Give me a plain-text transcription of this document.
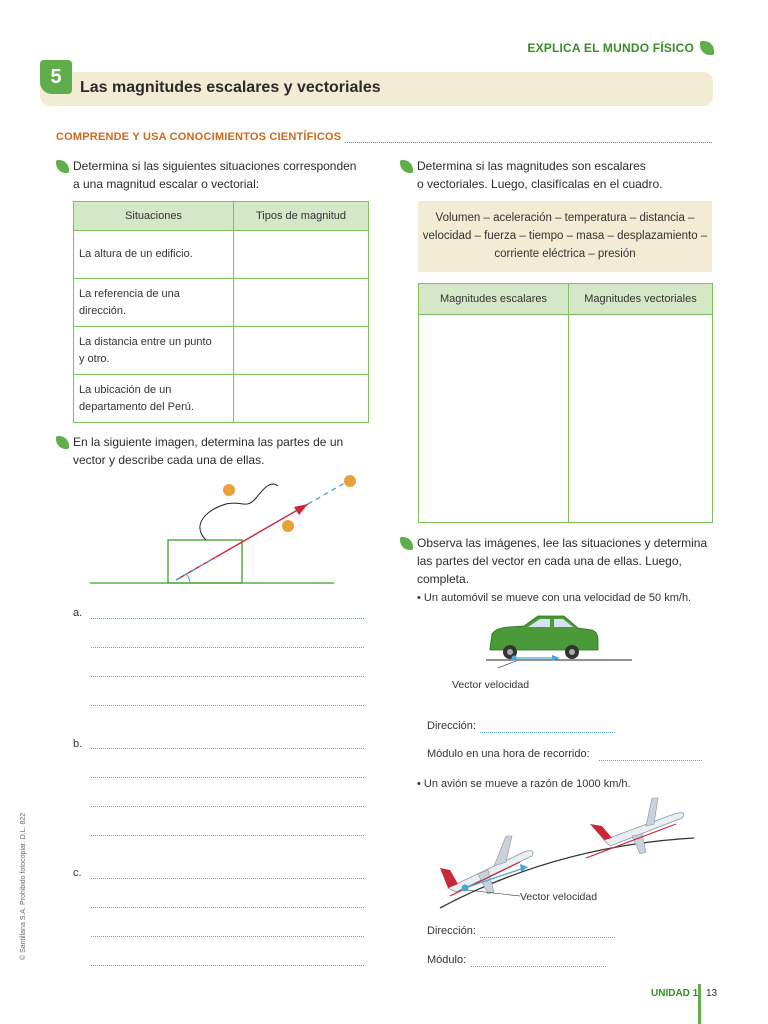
EXPLICA EL MUNDO FÍSICO
5	Las magnitudes escalares y vectoriales
COMPRENDE Y USA CONOCIMIENTOS CIENTÍFICOS
Determina si las siguientes situaciones corresponden
a una magnitud escalar o vectorial:
Situaciones	Tipos de magnitud

La altura de un edificio.	

La referencia de una
dirección.	

La distancia entre un punto
y otro.	

La ubicación de un
departamento del Perú.	

En la siguiente imagen, determina las partes de un
vector y describe cada una de ellas.
a.
b.
c.
Determina si las magnitudes son escalares
o vectoriales. Luego, clasifícalas en el cuadro.
Volumen – aceleración – temperatura – distancia –
velocidad – fuerza – tiempo – masa – desplazamiento –
corriente eléctrica – presión
Magnitudes escalares	Magnitudes vectoriales

Observa las imágenes, lee las situaciones y determina
las partes del vector en cada una de ellas. Luego,
completa.
• Un automóvil se mueve con una velocidad de 50 km/h.
Vector velocidad
Dirección:
Módulo en una hora de recorrido:
• Un avión se mueve a razón de 1000 km/h.
Vector velocidad
Dirección:
Módulo:
UNIDAD 1 13
© Santillana S.A. Prohibido fotocopiar. D.L. 822
